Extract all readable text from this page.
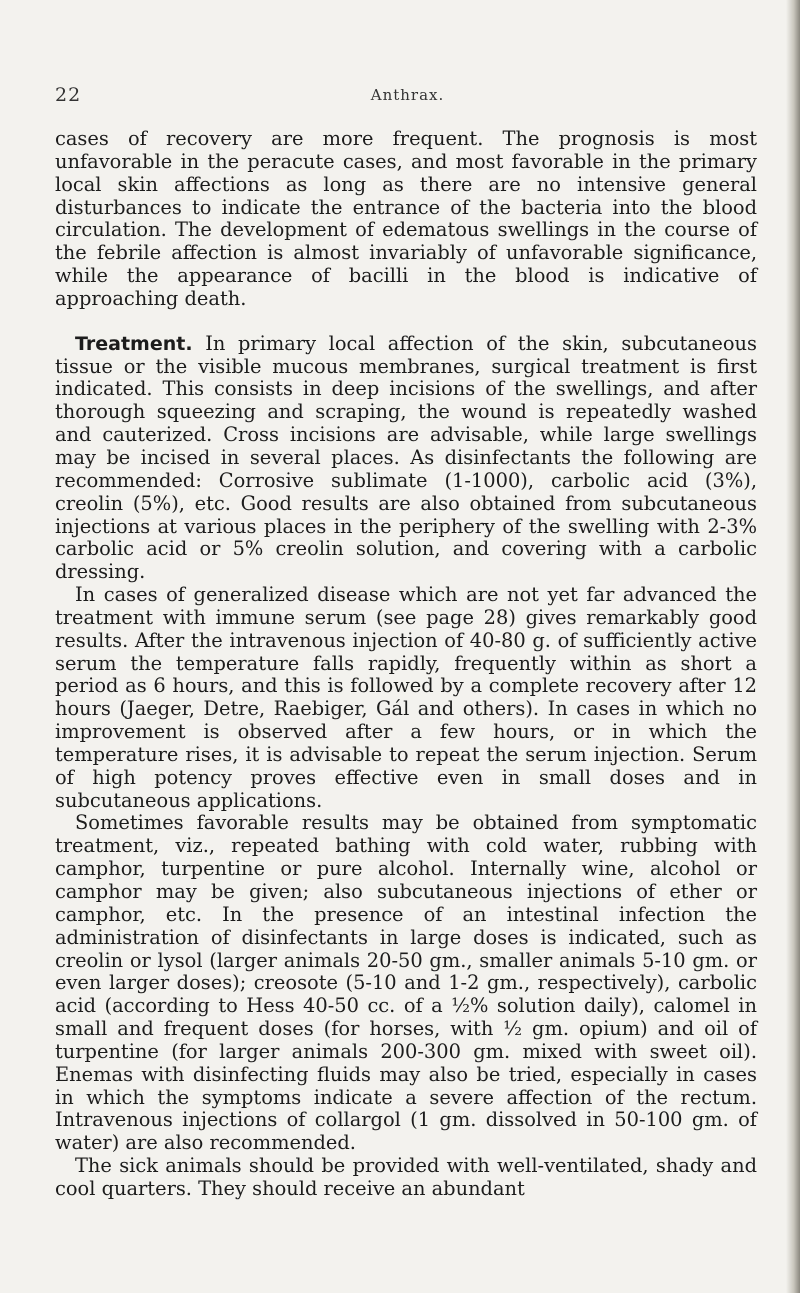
22	Anthrax.

cases of recovery are more frequent. The prognosis is most unfavorable in the peracute cases, and most favorable in the primary local skin affections as long as there are no intensive general disturbances to indicate the entrance of the bacteria into the blood circulation. The development of edematous swellings in the course of the febrile affection is almost invariably of unfavorable significance, while the appearance of bacilli in the blood is indicative of approaching death.

Treatment. In primary local affection of the skin, subcutaneous tissue or the visible mucous membranes, surgical treatment is first indicated. This consists in deep incisions of the swellings, and after thorough squeezing and scraping, the wound is repeatedly washed and cauterized. Cross incisions are advisable, while large swellings may be incised in several places. As disinfectants the following are recommended: Corrosive sublimate (1-1000), carbolic acid (3%), creolin (5%), etc. Good results are also obtained from subcutaneous injections at various places in the periphery of the swelling with 2-3% carbolic acid or 5% creolin solution, and covering with a carbolic dressing.

In cases of generalized disease which are not yet far advanced the treatment with immune serum (see page 28) gives remarkably good results. After the intravenous injection of 40-80 g. of sufficiently active serum the temperature falls rapidly, frequently within as short a period as 6 hours, and this is followed by a complete recovery after 12 hours (Jaeger, Detre, Raebiger, Gál and others). In cases in which no improvement is observed after a few hours, or in which the temperature rises, it is advisable to repeat the serum injection. Serum of high potency proves effective even in small doses and in subcutaneous applications.

Sometimes favorable results may be obtained from symptomatic treatment, viz., repeated bathing with cold water, rubbing with camphor, turpentine or pure alcohol. Internally wine, alcohol or camphor may be given; also subcutaneous injections of ether or camphor, etc. In the presence of an intestinal infection the administration of disinfectants in large doses is indicated, such as creolin or lysol (larger animals 20-50 gm., smaller animals 5-10 gm. or even larger doses); creosote (5-10 and 1-2 gm., respectively), carbolic acid (according to Hess 40-50 cc. of a ½% solution daily), calomel in small and frequent doses (for horses, with ½ gm. opium) and oil of turpentine (for larger animals 200-300 gm. mixed with sweet oil). Enemas with disinfecting fluids may also be tried, especially in cases in which the symptoms indicate a severe affection of the rectum. Intravenous injections of collargol (1 gm. dissolved in 50-100 gm. of water) are also recommended.

The sick animals should be provided with well-ventilated, shady and cool quarters. They should receive an abundant
